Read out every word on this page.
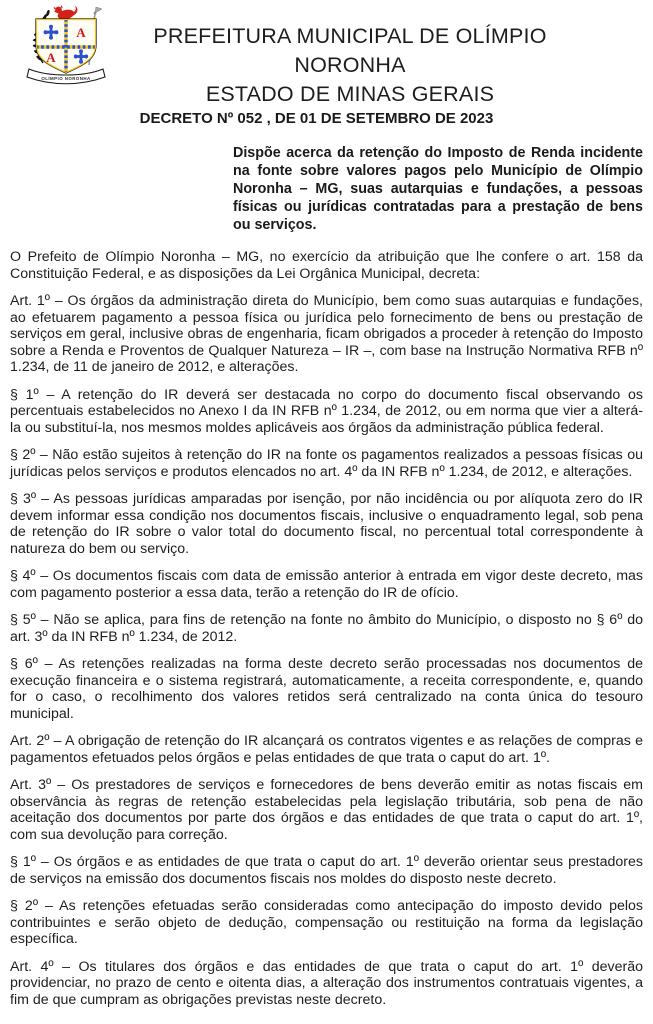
A
A
OLÍMPIO NORONHA
PREFEITURA MUNICIPAL DE OLÍMPIO NORONHA
ESTADO DE MINAS GERAIS
DECRETO Nº 052 , DE 01 DE SETEMBRO DE 2023
Dispõe acerca da retenção do Imposto de Renda incidente na fonte sobre valores pagos pelo Município de Olímpio Noronha – MG, suas autarquias e fundações, a pessoas físicas ou jurídicas contratadas para a prestação de bens ou serviços.

O Prefeito de Olímpio Noronha – MG, no exercício da atribuição que lhe confere o art. 158 da Constituição Federal, e as disposições da Lei Orgânica Municipal, decreta:

Art. 1º – Os órgãos da administração direta do Município, bem como suas autarquias e fundações, ao efetuarem pagamento a pessoa física ou jurídica pelo fornecimento de bens ou prestação de serviços em geral, inclusive obras de engenharia, ficam obrigados a proceder à retenção do Imposto sobre a Renda e Proventos de Qualquer Natureza – IR –, com base na Instrução Normativa RFB nº 1.234, de 11 de janeiro de 2012, e alterações.

§ 1º – A retenção do IR deverá ser destacada no corpo do documento fiscal observando os percentuais estabelecidos no Anexo I da IN RFB nº 1.234, de 2012, ou em norma que vier a alterá-la ou substituí-la, nos mesmos moldes aplicáveis aos órgãos da administração pública federal.

§ 2º – Não estão sujeitos à retenção do IR na fonte os pagamentos realizados a pessoas físicas ou jurídicas pelos serviços e produtos elencados no art. 4º da IN RFB nº 1.234, de 2012, e alterações.

§ 3º – As pessoas jurídicas amparadas por isenção, por não incidência ou por alíquota zero do IR devem informar essa condição nos documentos fiscais, inclusive o enquadramento legal, sob pena de retenção do IR sobre o valor total do documento fiscal, no percentual total correspondente à natureza do bem ou serviço.

§ 4º – Os documentos fiscais com data de emissão anterior à entrada em vigor deste decreto, mas com pagamento posterior a essa data, terão a retenção do IR de ofício.

§ 5º – Não se aplica, para fins de retenção na fonte no âmbito do Município, o disposto no § 6º do art. 3º da IN RFB nº 1.234, de 2012.

§ 6º – As retenções realizadas na forma deste decreto serão processadas nos documentos de execução financeira e o sistema registrará, automaticamente, a receita correspondente, e, quando for o caso, o recolhimento dos valores retidos será centralizado na conta única do tesouro municipal.

Art. 2º – A obrigação de retenção do IR alcançará os contratos vigentes e as relações de compras e pagamentos efetuados pelos órgãos e pelas entidades de que trata o caput do art. 1º.

Art. 3º – Os prestadores de serviços e fornecedores de bens deverão emitir as notas fiscais em observância às regras de retenção estabelecidas pela legislação tributária, sob pena de não aceitação dos documentos por parte dos órgãos e das entidades de que trata o caput do art. 1º, com sua devolução para correção.

§ 1º – Os órgãos e as entidades de que trata o caput do art. 1º deverão orientar seus prestadores de serviços na emissão dos documentos fiscais nos moldes do disposto neste decreto.

§ 2º – As retenções efetuadas serão consideradas como antecipação do imposto devido pelos contribuintes e serão objeto de dedução, compensação ou restituição na forma da legislação específica.

Art. 4º – Os titulares dos órgãos e das entidades de que trata o caput do art. 1º deverão providenciar, no prazo de cento e oitenta dias, a alteração dos instrumentos contratuais vigentes, a fim de que cumpram as obrigações previstas neste decreto.
